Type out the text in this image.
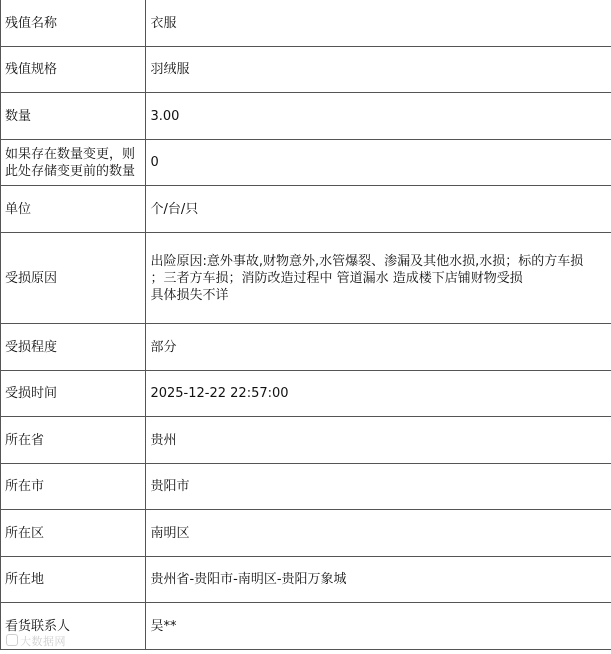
残值名称	衣服
残值规格	羽绒服
数量	3.00
如果存在数量变更，则此处存储变更前的数量	0
单位	个/台/只
受损原因	出险原因:意外事故,财物意外,水管爆裂、渗漏及其他水损,水损；标的方车损
；三者方车损；消防改造过程中 管道漏水 造成楼下店铺财物受损
具体损失不详

受损程度	部分
受损时间	2025-12-22 22:57:00
所在省	贵州
所在市	贵阳市
所在区	南明区
所在地	贵州省-贵阳市-南明区-贵阳万象城
看货联系人	吴**
大数据网
